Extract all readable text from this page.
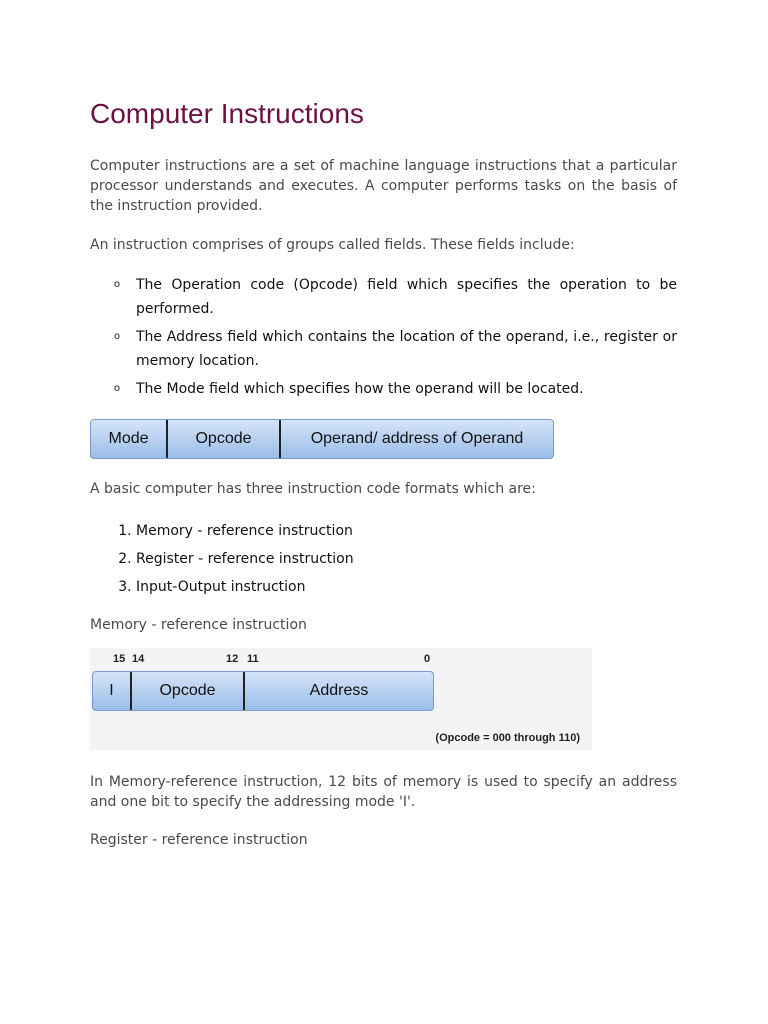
Computer Instructions

Computer instructions are a set of machine language instructions that a particular processor understands and executes. A computer performs tasks on the basis of the instruction provided.

An instruction comprises of groups called fields. These fields include:

o The Operation code (Opcode) field which specifies the operation to be performed.
o The Address field which contains the location of the operand, i.e., register or memory location.
o The Mode field which specifies how the operand will be located.
Mode	Opcode	Operand/ address of Operand

A basic computer has three instruction code formats which are:

1. Memory - reference instruction
2. Register - reference instruction
3. Input-Output instruction
Memory - reference instruction
15 14	12 11	0
I	Opcode	Address
(Opcode = 000 through 110)

In Memory-reference instruction, 12 bits of memory is used to specify an address and one bit to specify the addressing mode 'I'.

Register - reference instruction
